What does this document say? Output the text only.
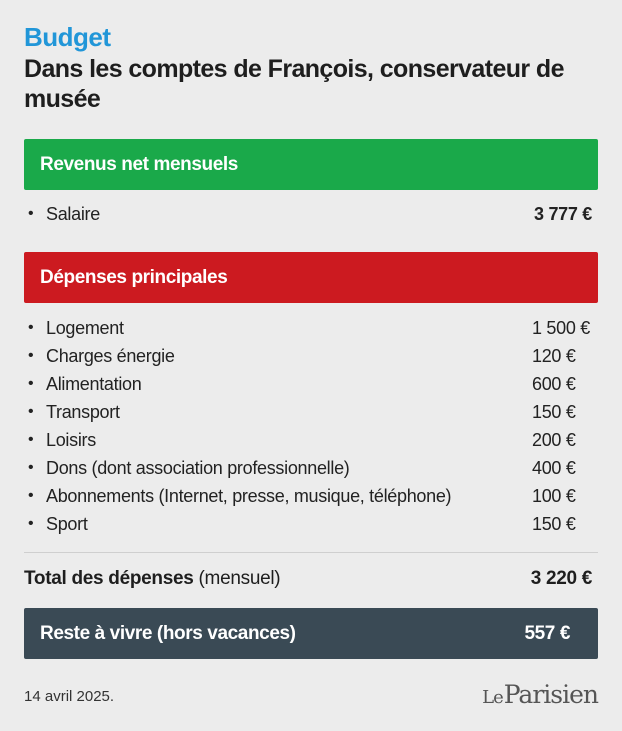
Budget
Dans les comptes de François, conservateur de musée
Revenus net mensuels
• Salaire	3 777 €
Dépenses principales
• Logement	1 500 €
• Charges énergie	120 €
• Alimentation	600 €
• Transport	150 €
• Loisirs	200 €
• Dons (dont association professionnelle)	400 €
• Abonnements (Internet, presse, musique, téléphone)	100 €
• Sport	150 €
Total des dépenses (mensuel)	3 220 €
Reste à vivre (hors vacances)	557 €
14 avril 2025.	Le Parisien
